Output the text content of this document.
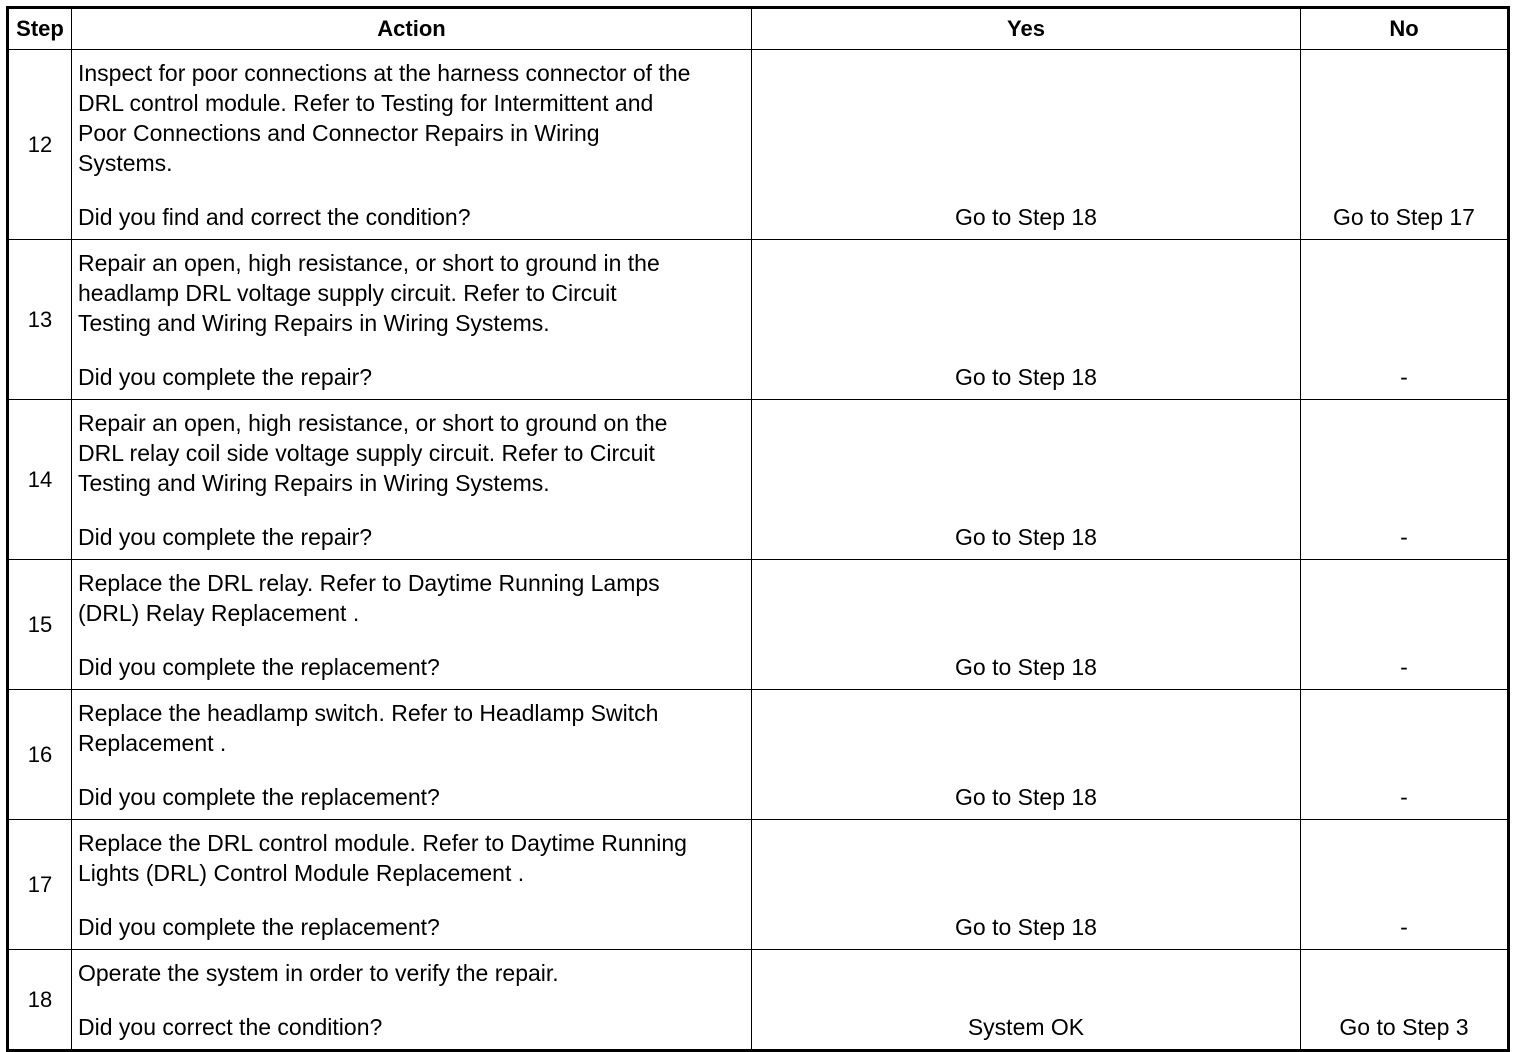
Step	Action	Yes	No
12	Inspect for poor connections at the harness connector of the
DRL control module. Refer to Testing for Intermittent and
Poor Connections and Connector Repairs in Wiring
Systems.
Did you find and correct the condition?	Go to Step 18	Go to Step 17
13	Repair an open, high resistance, or short to ground in the
headlamp DRL voltage supply circuit. Refer to Circuit
Testing and Wiring Repairs in Wiring Systems.
Did you complete the repair?	Go to Step 18	-
14	Repair an open, high resistance, or short to ground on the
DRL relay coil side voltage supply circuit. Refer to Circuit
Testing and Wiring Repairs in Wiring Systems.
Did you complete the repair?	Go to Step 18	-
15	Replace the DRL relay. Refer to Daytime Running Lamps
(DRL) Relay Replacement .
Did you complete the replacement?	Go to Step 18	-
16	Replace the headlamp switch. Refer to Headlamp Switch
Replacement .
Did you complete the replacement?	Go to Step 18	-
17	Replace the DRL control module. Refer to Daytime Running
Lights (DRL) Control Module Replacement .
Did you complete the replacement?	Go to Step 18	-
18	Operate the system in order to verify the repair.
Did you correct the condition?	System OK	Go to Step 3
